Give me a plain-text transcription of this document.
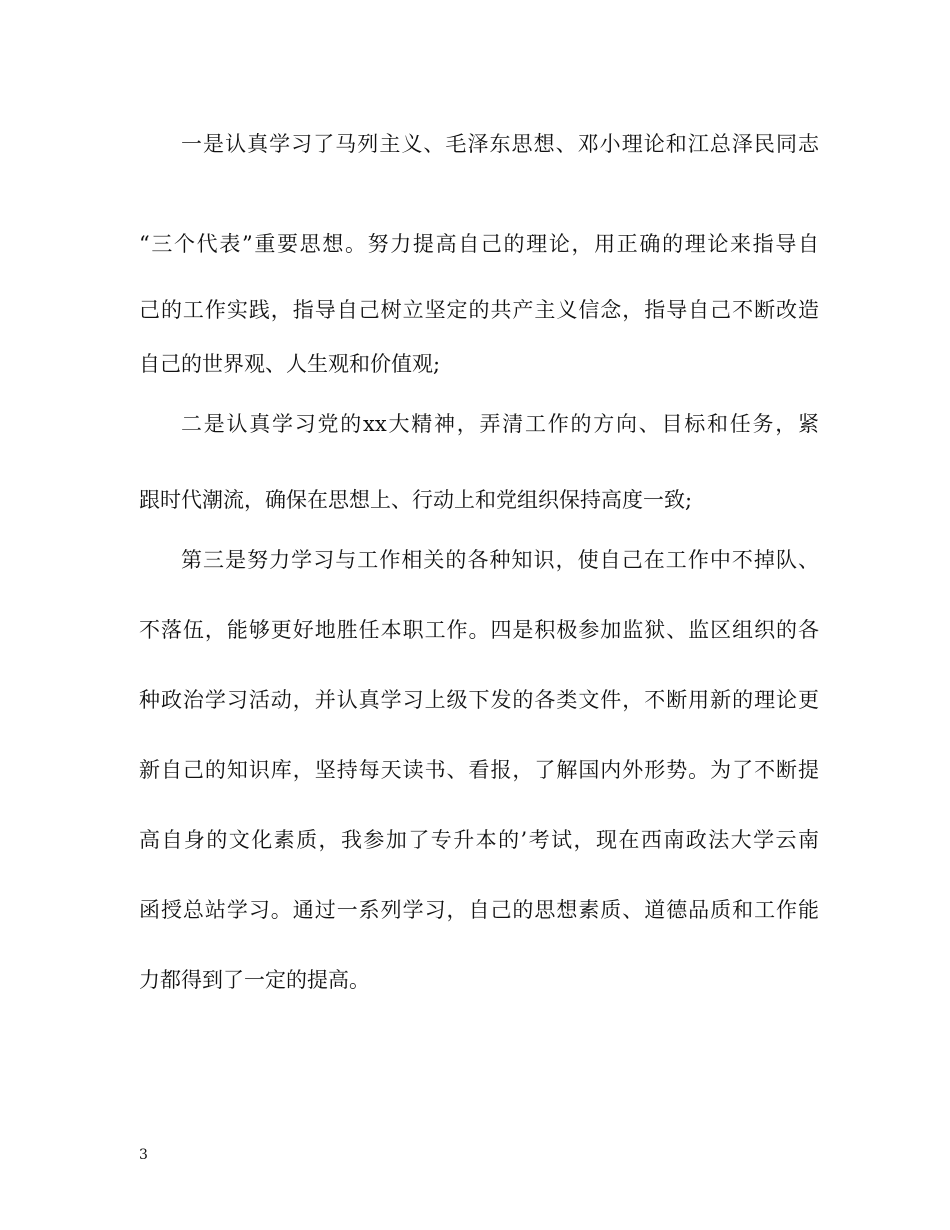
一是认真学习了马列主义、毛泽东思想、邓小理论和江总泽民同志
“三个代表”重要思想。努力提高自己的理论，用正确的理论来指导自
己的工作实践，指导自己树立坚定的共产主义信念，指导自己不断改造
自己的世界观、人生观和价值观;
二是认真学习党的xx大精神，弄清工作的方向、目标和任务，紧
跟时代潮流，确保在思想上、行动上和党组织保持高度一致;
第三是努力学习与工作相关的各种知识，使自己在工作中不掉队、
不落伍，能够更好地胜任本职工作。四是积极参加监狱、监区组织的各
种政治学习活动，并认真学习上级下发的各类文件，不断用新的理论更
新自己的知识库，坚持每天读书、看报，了解国内外形势。为了不断提
高自身的文化素质，我参加了专升本的’考试，现在西南政法大学云南
函授总站学习。通过一系列学习，自己的思想素质、道德品质和工作能
力都得到了一定的提高。
3
